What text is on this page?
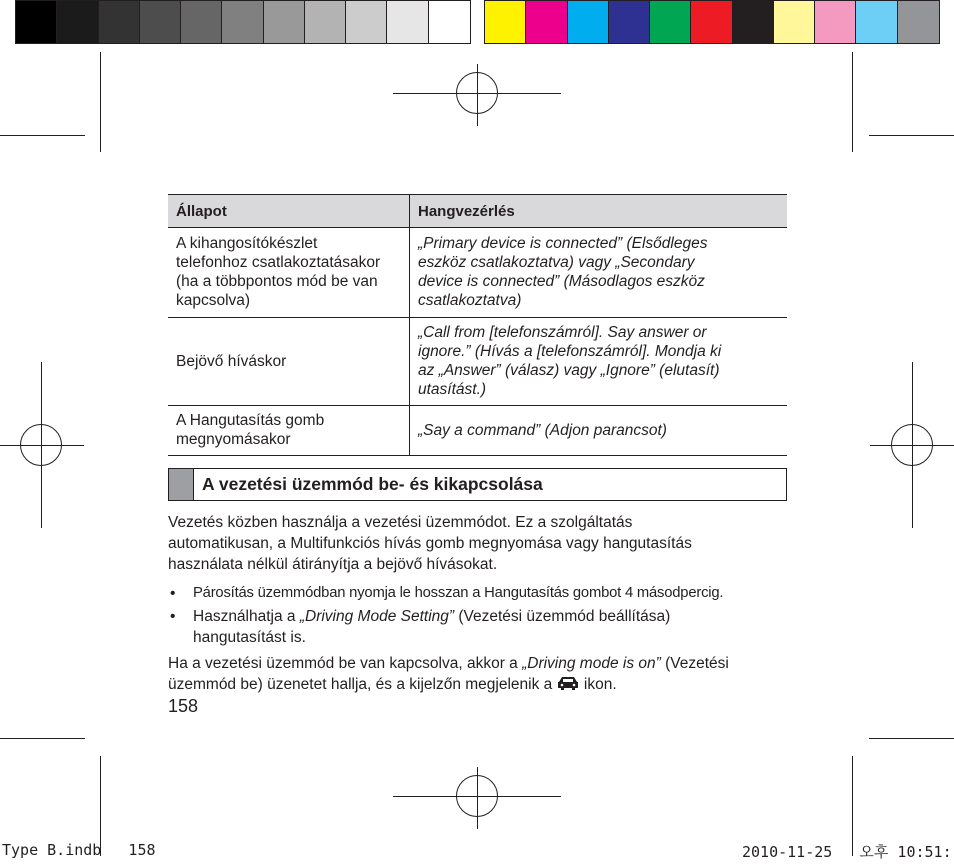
Állapot	Hangvezérlés

A kihangosítókészlet
telefonhoz csatlakoztatásakor
(ha a többpontos mód be van
kapcsolva)	„Primary device is connected” (Elsődleges
eszköz csatlakoztatva) vagy „Secondary
device is connected” (Másodlagos eszköz
csatlakoztatva)

Bejövő híváskor	„Call from [telefonszámról]. Say answer or
ignore.” (Hívás a [telefonszámról]. Mondja ki
az „Answer” (válasz) vagy „Ignore” (elutasít)
utasítást.)

A Hangutasítás gomb
megnyomásakor	„Say a command” (Adjon parancsot)
A vezetési üzemmód be- és kikapcsolása
Vezetés közben használja a vezetési üzemmódot. Ez a szolgáltatás
automatikusan, a Multifunkciós hívás gomb megnyomása vagy hangutasítás
használata nélkül átirányítja a bejövő hívásokat.
• Párosítás üzemmódban nyomja le hosszan a Hangutasítás gombot 4 másodpercig.
• Használhatja a „Driving Mode Setting” (Vezetési üzemmód beállítása)
hangutasítást is.
Ha a vezetési üzemmód be van kapcsolva, akkor a „Driving mode is on” (Vezetési
üzemmód be) üzenetet hallja, és a kijelzőn megjelenik a  ikon.
158
Type B.indb   158	2010-11-25   오후 10:51:
